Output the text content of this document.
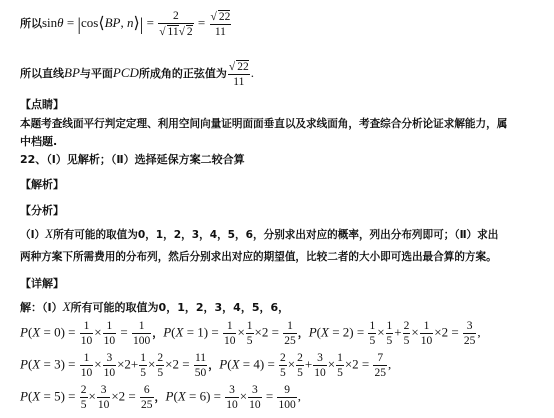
所以sinθ = |cos⟨BP, n⟩| = $\frac{2}{√ 11√ 2} = \frac{√ 22}{11}$
所以直线BP与平面PCD所成角的正弦值为 $\frac{√ 22}{11}$ .
【点睛】
本题考查线面平行判定定理、利用空间向量证明面面垂直以及求线面角，考查综合分析论证求解能力，属
中档题.
22、（Ⅰ）见解析；（Ⅱ）选择延保方案二较合算
【解析】
【分析】
（Ⅰ）X所有可能的取值为0，1，2，3，4，5，6，分别求出对应的概率，列出分布列即可；（Ⅱ）求出
两种方案下所需费用的分布列，然后分别求出对应的期望值，比较二者的大小即可选出最合算的方案。
【详解】
解：（Ⅰ）X所有可能的取值为0，1，2，3，4，5，6，
$P(X = 0) = \frac{1}{10} \times \frac{1}{10} = \frac{1}{100}$ ，$P(X = 1) = \frac{1}{10} \times \frac{1}{5} \times 2 = \frac{1}{25}$ ，$P(X = 2) = \frac{1}{5} \times \frac{1}{5} + \frac{2}{5} \times \frac{1}{10} \times 2 = \frac{3}{25}$ ,
$P(X = 3) = \frac{1}{10} \times \frac{3}{10} \times 2+ \frac{1}{5} \times \frac{2}{5} \times 2 = \frac{11}{50}$ ，$P(X = 4) = \frac{2}{5} \times \frac{2}{5} + \frac{3}{10} \times \frac{1}{5} \times 2 = \frac{7}{25}$ ,
$P(X = 5) = \frac{2}{5} \times \frac{3}{10} \times 2 = \frac{6}{25}$ ，$P(X = 6) = \frac{3}{10} \times \frac{3}{10} = \frac{9}{100}$ ,
